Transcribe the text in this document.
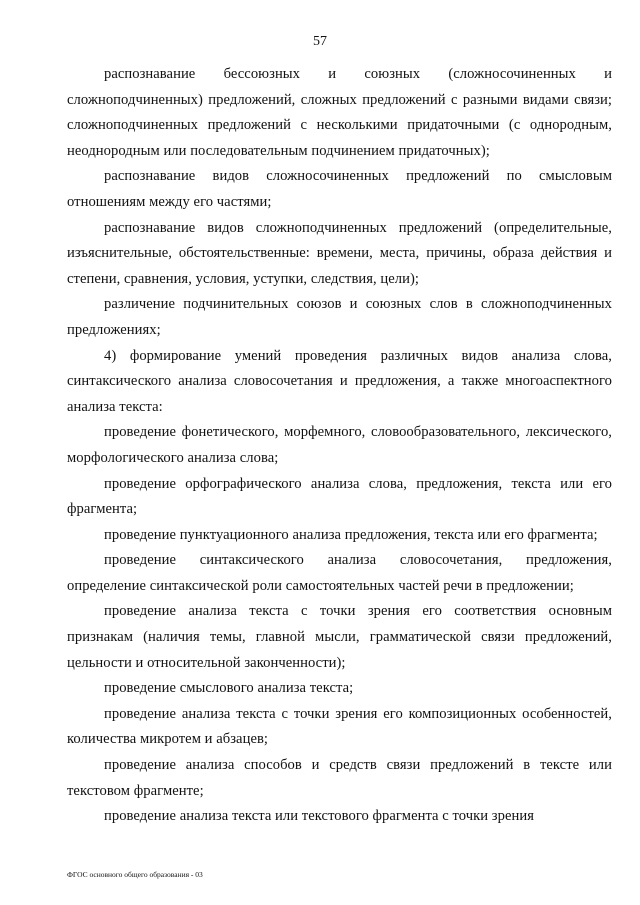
57

распознавание бессоюзных и союзных (сложносочиненных и сложноподчиненных) предложений, сложных предложений с разными видами связи; сложноподчиненных предложений с несколькими придаточными (с однородным, неоднородным или последовательным подчинением придаточных);

распознавание видов сложносочиненных предложений по смысловым отношениям между его частями;

распознавание видов сложноподчиненных предложений (определительные, изъяснительные, обстоятельственные: времени, места, причины, образа действия и степени, сравнения, условия, уступки, следствия, цели);

различение подчинительных союзов и союзных слов в сложноподчиненных предложениях;

4) формирование умений проведения различных видов анализа слова, синтаксического анализа словосочетания и предложения, а также многоаспектного анализа текста:

проведение фонетического, морфемного, словообразовательного, лексического, морфологического анализа слова;

проведение орфографического анализа слова, предложения, текста или его фрагмента;

проведение пунктуационного анализа предложения, текста или его фрагмента;

проведение синтаксического анализа словосочетания, предложения, определение синтаксической роли самостоятельных частей речи в предложении;

проведение анализа текста с точки зрения его соответствия основным признакам (наличия темы, главной мысли, грамматической связи предложений, цельности и относительной законченности);

проведение смыслового анализа текста;

проведение анализа текста с точки зрения его композиционных особенностей, количества микротем и абзацев;

проведение анализа способов и средств связи предложений в тексте или текстовом фрагменте;

проведение анализа текста или текстового фрагмента с точки зрения

ФГОС основного общего образования - 03
